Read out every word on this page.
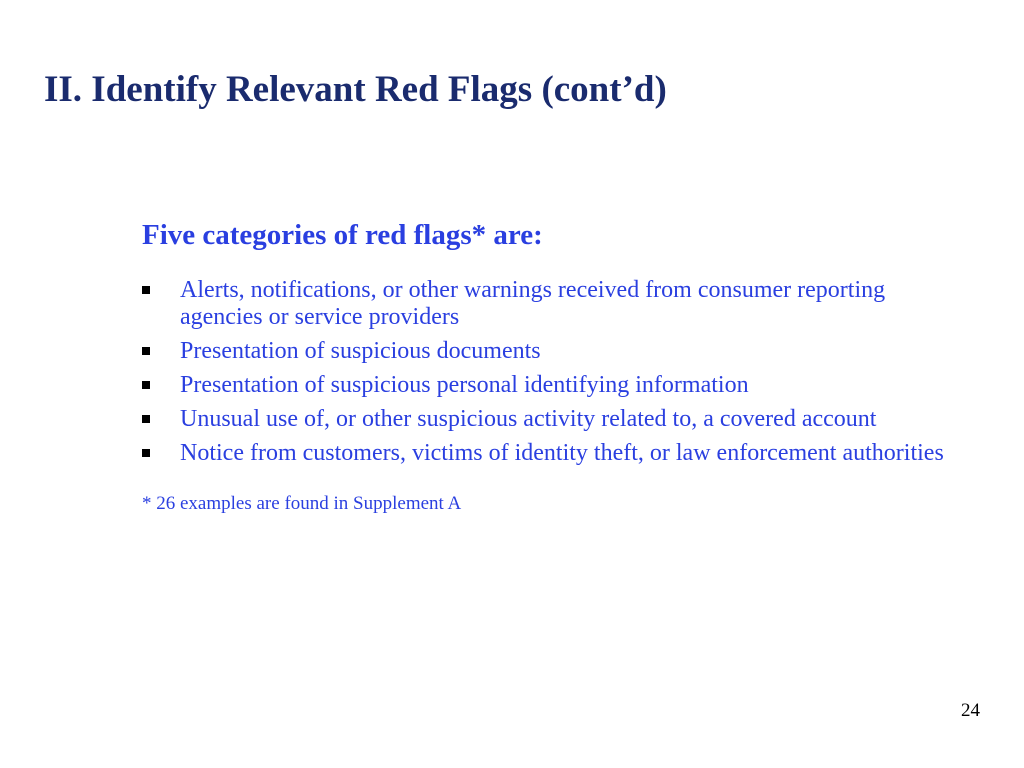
II. Identify Relevant Red Flags (cont’d)

Five categories of red flags* are:

Alerts, notifications, or other warnings received from consumer reporting agencies or service providers
Presentation of suspicious documents
Presentation of suspicious personal identifying information
Unusual use of, or other suspicious activity related to, a covered account
Notice from customers, victims of identity theft, or law enforcement authorities

* 26 examples are found in Supplement A

24
